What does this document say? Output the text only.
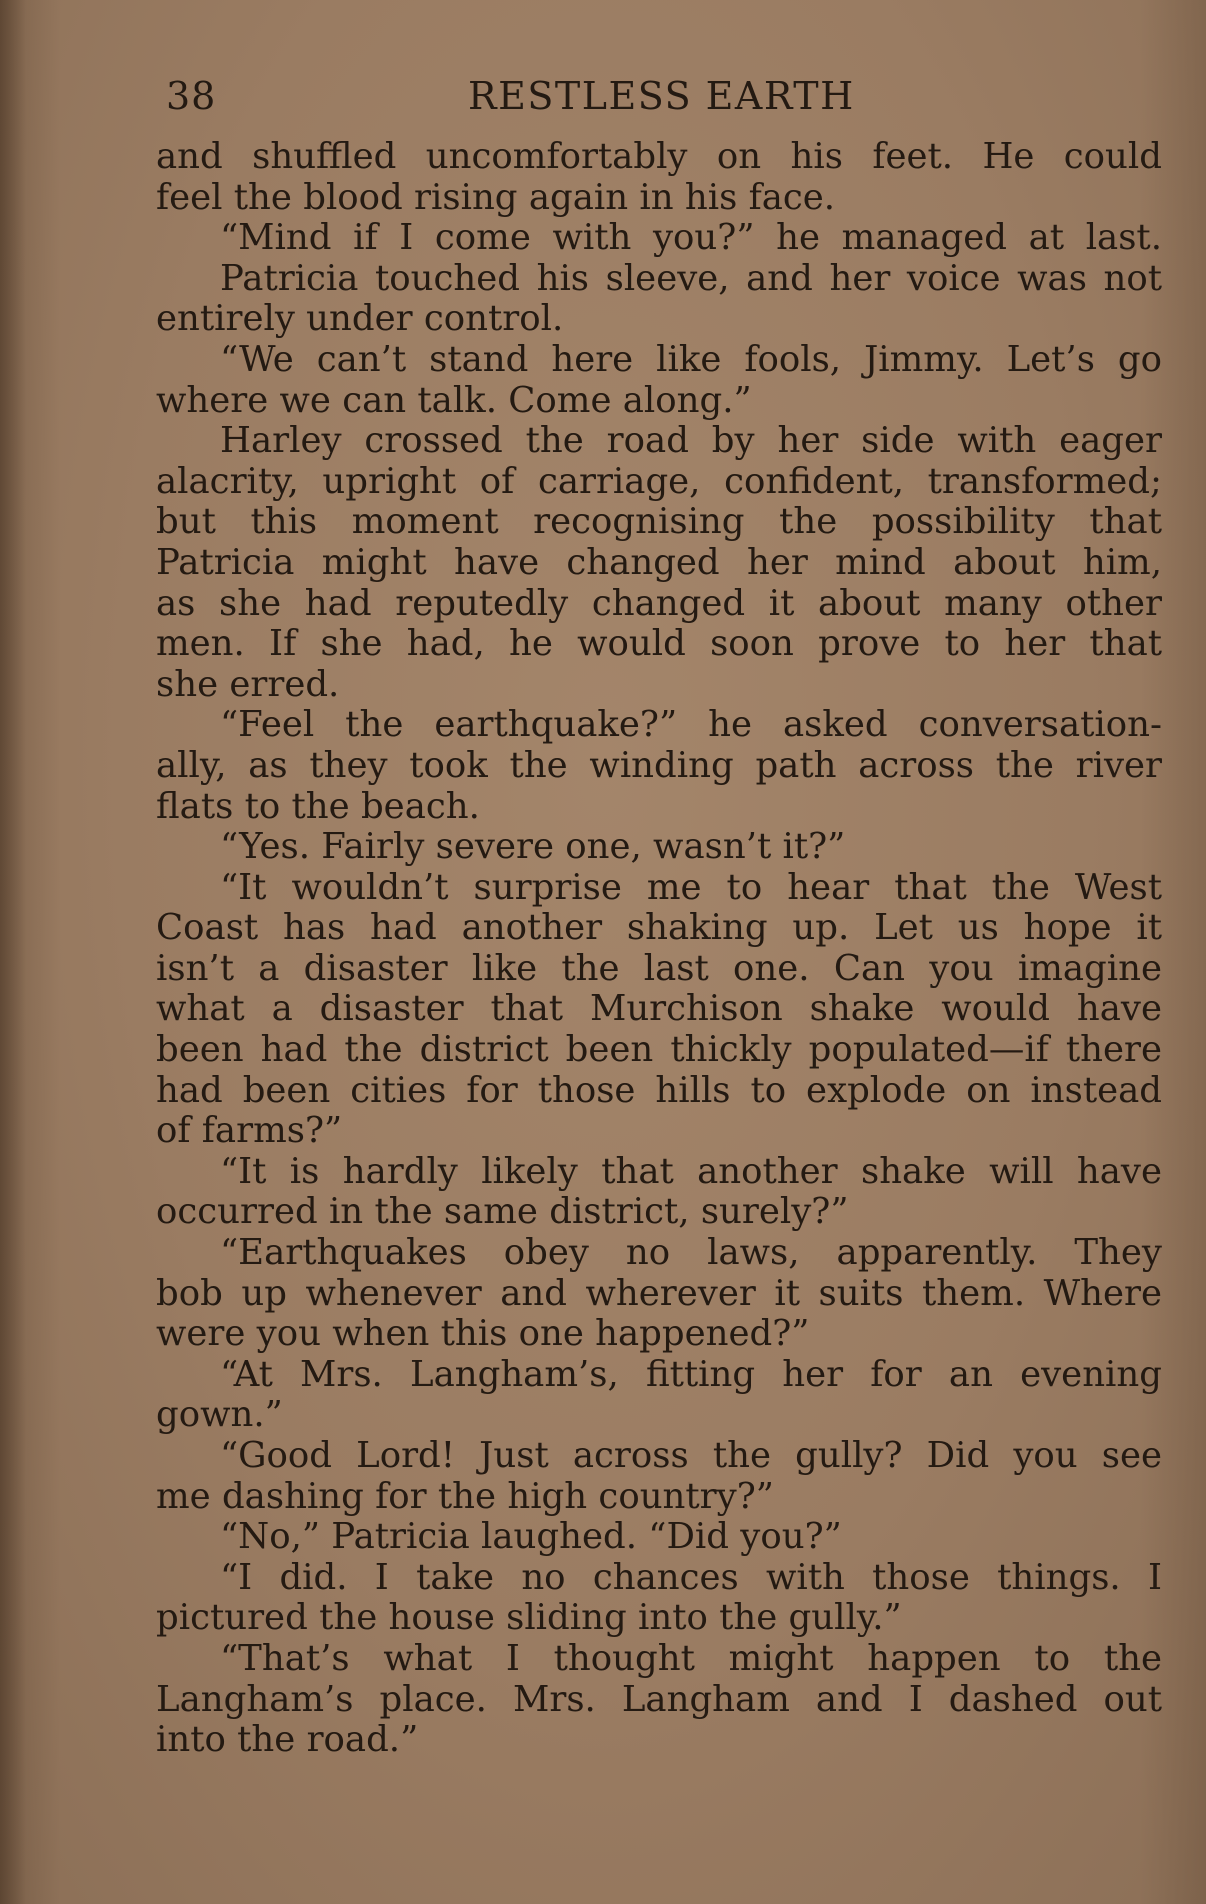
38	RESTLESS EARTH
and shuffled uncomfortably on his feet. He could
feel the blood rising again in his face.
“Mind if I come with you?” he managed at last.
Patricia touched his sleeve, and her voice was not
entirely under control.
“We can’t stand here like fools, Jimmy. Let’s go
where we can talk. Come along.”
Harley crossed the road by her side with eager
alacrity, upright of carriage, confident, transformed;
but this moment recognising the possibility that
Patricia might have changed her mind about him,
as she had reputedly changed it about many other
men. If she had, he would soon prove to her that
she erred.
“Feel the earthquake?” he asked conversation-
ally, as they took the winding path across the river
flats to the beach.
“Yes. Fairly severe one, wasn’t it?”
“It wouldn’t surprise me to hear that the West
Coast has had another shaking up. Let us hope it
isn’t a disaster like the last one. Can you imagine
what a disaster that Murchison shake would have
been had the district been thickly populated—if there
had been cities for those hills to explode on instead
of farms?”
“It is hardly likely that another shake will have
occurred in the same district, surely?”
“Earthquakes obey no laws, apparently. They
bob up whenever and wherever it suits them. Where
were you when this one happened?”
“At Mrs. Langham’s, fitting her for an evening
gown.”
“Good Lord! Just across the gully? Did you see
me dashing for the high country?”
“No,” Patricia laughed. “Did you?”
“I did. I take no chances with those things. I
pictured the house sliding into the gully.”
“That’s what I thought might happen to the
Langham’s place. Mrs. Langham and I dashed out
into the road.”
